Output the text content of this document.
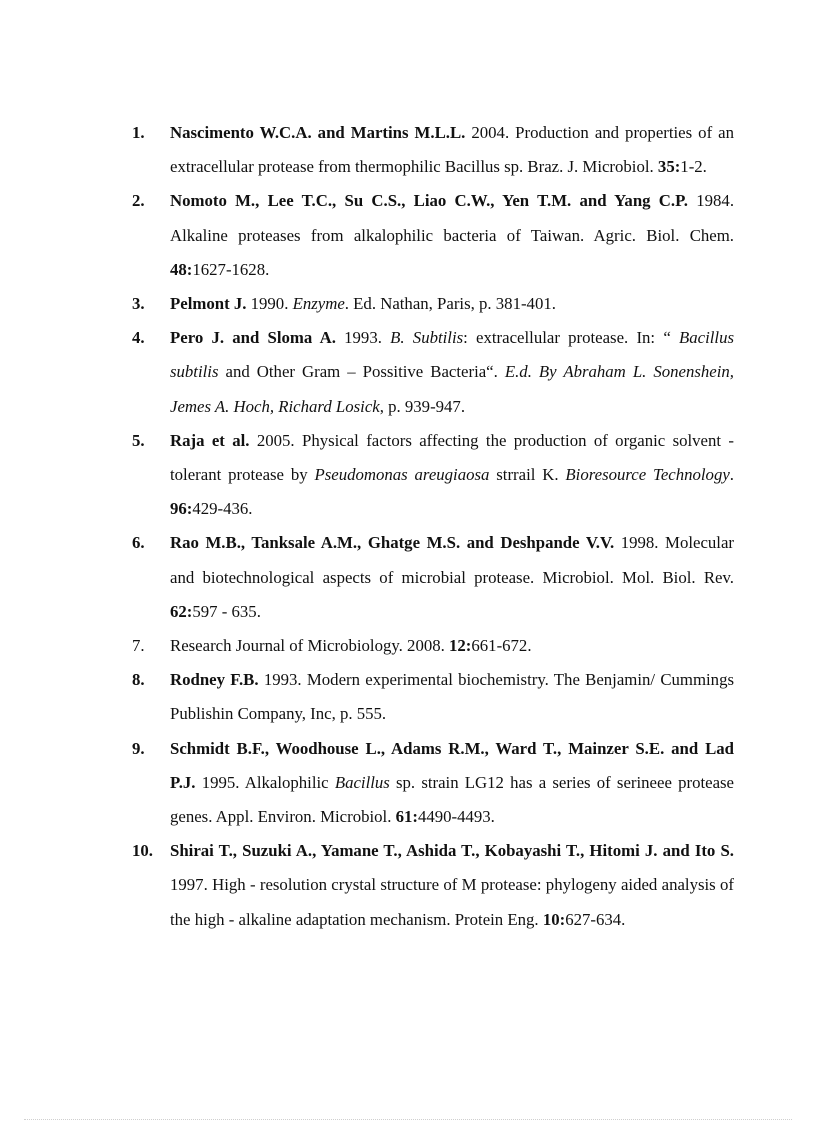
1. Nascimento W.C.A. and Martins M.L.L. 2004. Production and properties of an extracellular protease from thermophilic Bacillus sp. Braz. J. Microbiol. 35:1-2.
2. Nomoto M., Lee T.C., Su C.S., Liao C.W., Yen T.M. and Yang C.P. 1984. Alkaline proteases from alkalophilic bacteria of Taiwan. Agric. Biol. Chem. 48:1627-1628.
3. Pelmont J. 1990. Enzyme. Ed. Nathan, Paris, p. 381-401.
4. Pero J. and Sloma A. 1993. B. Subtilis: extracellular protease. In: “ Bacillus subtilis and Other Gram – Possitive Bacteria“. E.d. By Abraham L. Sonenshein, Jemes A. Hoch, Richard Losick, p. 939-947.
5. Raja et al. 2005. Physical factors affecting the production of organic solvent - tolerant protease by Pseudomonas areugiaosa strrail K. Bioresource Technology. 96:429-436.
6. Rao M.B., Tanksale A.M., Ghatge M.S. and Deshpande V.V. 1998. Molecular and biotechnological aspects of microbial protease. Microbiol. Mol. Biol. Rev. 62:597 - 635.
7. Research Journal of Microbiology. 2008. 12:661-672.
8. Rodney F.B. 1993. Modern experimental biochemistry. The Benjamin/ Cummings Publishin Company, Inc, p. 555.
9. Schmidt B.F., Woodhouse L., Adams R.M., Ward T., Mainzer S.E. and Lad P.J. 1995. Alkalophilic Bacillus sp. strain LG12 has a series of serineee protease genes. Appl. Environ. Microbiol. 61:4490-4493.
10. Shirai T., Suzuki A., Yamane T., Ashida T., Kobayashi T., Hitomi J. and Ito S. 1997. High - resolution crystal structure of M protease: phylogeny aided analysis of the high - alkaline adaptation mechanism. Protein Eng. 10:627-634.
